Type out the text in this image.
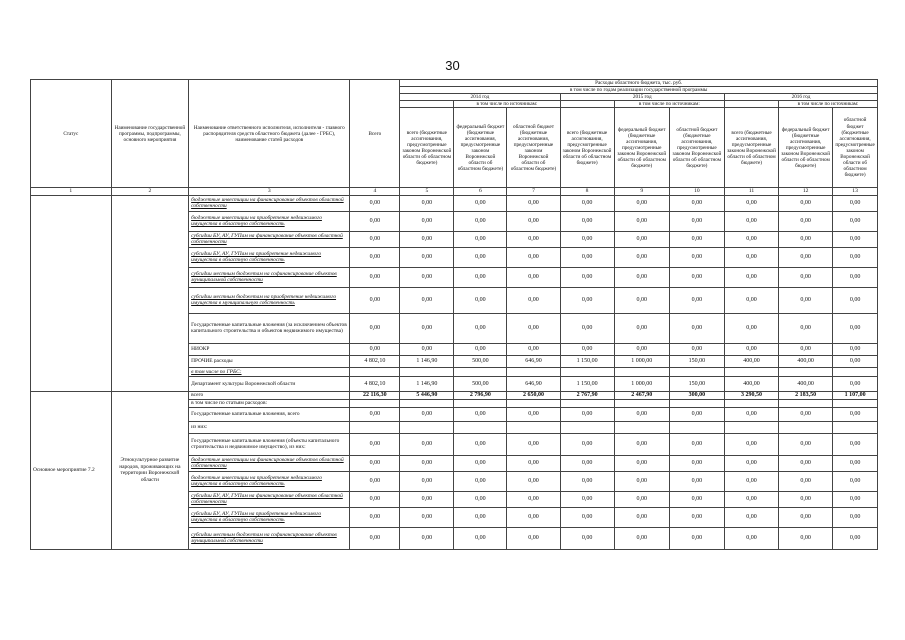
30
Статус	Наименование государственной программы, подпрограммы, основного мероприятия	Наименование ответственного исполнителя, исполнителя - главного распорядителя средств областного бюджета (далее - ГРБС), наименование статей расходов	Всего	Расходы областного бюджета, тыс. руб.								
				в том числе по годам реализации государственной программы								
				2014 год			2015 год			2016 год		
					в том числе по источникам:			в том числе по источникам:			в том числе по источникам:	
				всего (бюджетные ассигнования, предусмотренные законом Воронежской области об областном бюджете)	федеральный бюджет (бюджетные ассигнования, предусмотренные законом Воронежской области об областном бюджете)	областной бюджет (бюджетные ассигнования, предусмотренные законом Воронежской области об областном бюджете)	всего (бюджетные ассигнования, предусмотренные законом Воронежской области об областном бюджете)	федеральный бюджет (бюджетные ассигнования, предусмотренные законом Воронежской области об областном бюджете)	областной бюджет (бюджетные ассигнования, предусмотренные законом Воронежской области об областном бюджете)	всего (бюджетные ассигнования, предусмотренные законом Воронежской области об областном бюджете)	федеральный бюджет (бюджетные ассигнования, предусмотренные законом Воронежской области об областном бюджете)	областной бюджет (бюджетные ассигнования, предусмотренные законом Воронежской области об областном бюджете)
1	2	3	4	5	6	7	8	9	10	11	12	13
		бюджетные инвестиции на финансирование объектов областной собственности	0,00	0,00	0,00	0,00	0,00	0,00	0,00	0,00	0,00	0,00
		бюджетные инвестиции на приобретение недвижимого имущества в областную собственность	0,00	0,00	0,00	0,00	0,00	0,00	0,00	0,00	0,00	0,00
		субсидии БУ, АУ, ГУПам на финансирование объектов областной собственности	0,00	0,00	0,00	0,00	0,00	0,00	0,00	0,00	0,00	0,00
		субсидии БУ, АУ, ГУПам на приобретение недвижимого имущества в областную собственность	0,00	0,00	0,00	0,00	0,00	0,00	0,00	0,00	0,00	0,00
		субсидии местным бюджетам на софинансирование объектов муниципальной собственности	0,00	0,00	0,00	0,00	0,00	0,00	0,00	0,00	0,00	0,00
		субсидии местным бюджетам на приобретение недвижимого имущества в муниципальную собственность	0,00	0,00	0,00	0,00	0,00	0,00	0,00	0,00	0,00	0,00
		Государственные капитальные вложения (за исключением объектов капитального строительства и объектов недвижимого имущества)	0,00	0,00	0,00	0,00	0,00	0,00	0,00	0,00	0,00	0,00
		НИОКР	0,00	0,00	0,00	0,00	0,00	0,00	0,00	0,00	0,00	0,00
		ПРОЧИЕ расходы	4 802,10	1 146,90	500,00	646,90	1 150,00	1 000,00	150,00	400,00	400,00	0,00
		в том числе по ГРБС:										
		Департамент культуры Воронежской области	4 802,10	1 146,90	500,00	646,90	1 150,00	1 000,00	150,00	400,00	400,00	0,00
Основное мероприятие 7.2	Этнокультурное развитие народов, проживающих на территории Воронежской области	всего	22 116,30	5 446,90	2 796,90	2 650,00	2 767,90	2 467,90	300,00	3 290,50	2 183,50	1 107,00
		в том числе по статьям расходов:										
		Государственные капитальные вложения, всего	0,00	0,00	0,00	0,00	0,00	0,00	0,00	0,00	0,00	0,00
		из них:										
		Государственные капитальные вложения (объекты капитального строительства и недвижимое имущество), из них:	0,00	0,00	0,00	0,00	0,00	0,00	0,00	0,00	0,00	0,00
		бюджетные инвестиции на финансирование объектов областной собственности	0,00	0,00	0,00	0,00	0,00	0,00	0,00	0,00	0,00	0,00
		бюджетные инвестиции на приобретение недвижимого имущества в областную собственность	0,00	0,00	0,00	0,00	0,00	0,00	0,00	0,00	0,00	0,00
		субсидии БУ, АУ, ГУПам на финансирование объектов областной собственности	0,00	0,00	0,00	0,00	0,00	0,00	0,00	0,00	0,00	0,00
		субсидии БУ, АУ, ГУПам на приобретение недвижимого имущества в областную собственность	0,00	0,00	0,00	0,00	0,00	0,00	0,00	0,00	0,00	0,00
		субсидии местным бюджетам на софинансирование объектов муниципальной собственности	0,00	0,00	0,00	0,00	0,00	0,00	0,00	0,00	0,00	0,00
